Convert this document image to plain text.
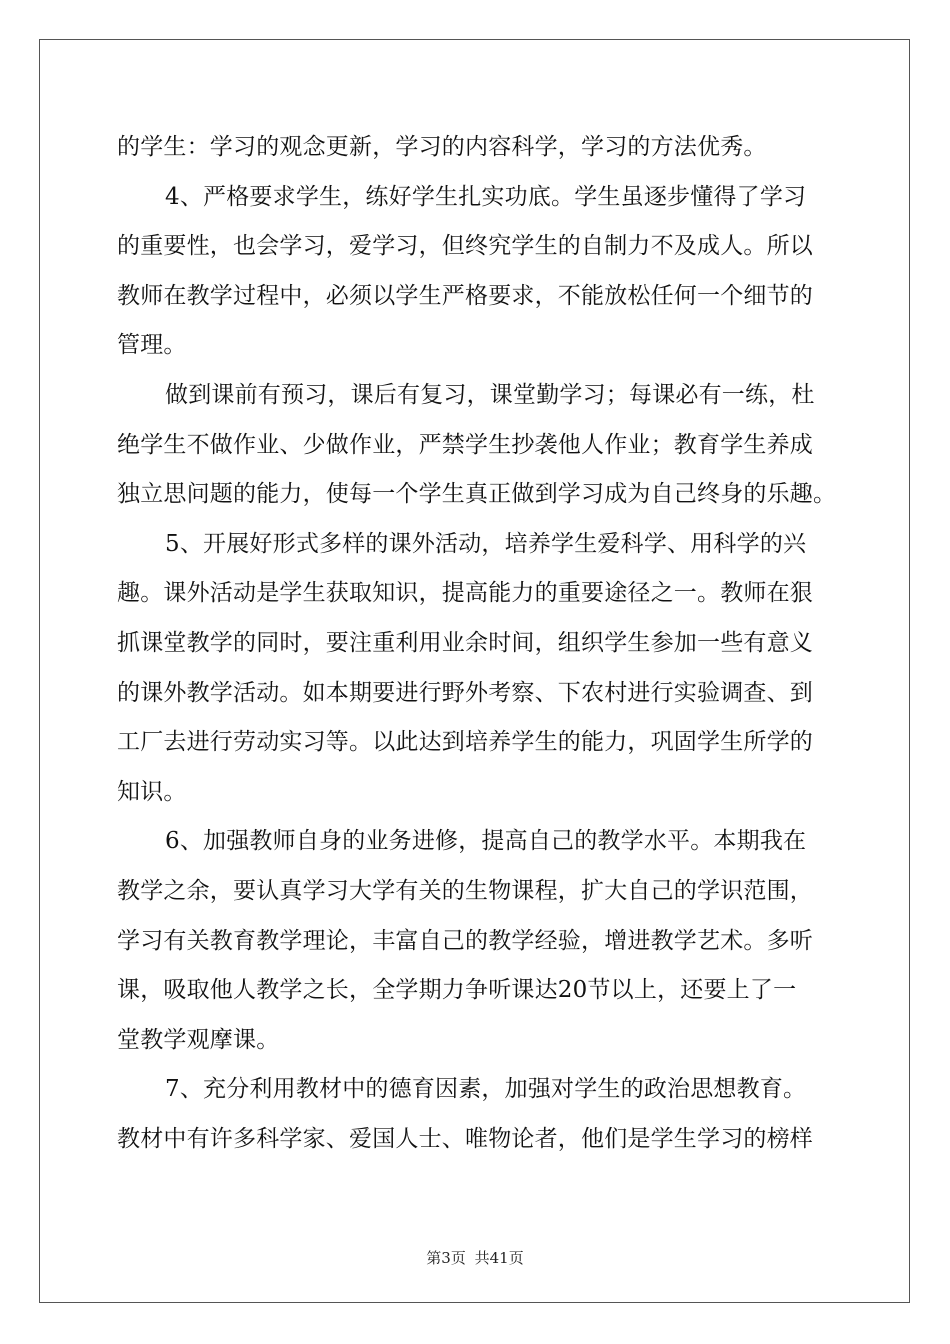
的学生：学习的观念更新，学习的内容科学，学习的方法优秀。
4、严格要求学生，练好学生扎实功底。学生虽逐步懂得了学习
的重要性，也会学习，爱学习，但终究学生的自制力不及成人。所以
教师在教学过程中，必须以学生严格要求，不能放松任何一个细节的
管理。
做到课前有预习，课后有复习，课堂勤学习；每课必有一练，杜
绝学生不做作业、少做作业，严禁学生抄袭他人作业；教育学生养成
独立思问题的能力，使每一个学生真正做到学习成为自己终身的乐趣。
5、开展好形式多样的课外活动，培养学生爱科学、用科学的兴
趣。课外活动是学生获取知识，提高能力的重要途径之一。教师在狠
抓课堂教学的同时，要注重利用业余时间，组织学生参加一些有意义
的课外教学活动。如本期要进行野外考察、下农村进行实验调查、到
工厂去进行劳动实习等。以此达到培养学生的能力，巩固学生所学的
知识。
6、加强教师自身的业务进修，提高自己的教学水平。本期我在
教学之余，要认真学习大学有关的生物课程，扩大自己的学识范围，
学习有关教育教学理论，丰富自己的教学经验，增进教学艺术。多听
课，吸取他人教学之长，全学期力争听课达20节以上，还要上了一
堂教学观摩课。
7、充分利用教材中的德育因素，加强对学生的政治思想教育。
教材中有许多科学家、爱国人士、唯物论者，他们是学生学习的榜样
第3页 共41页
